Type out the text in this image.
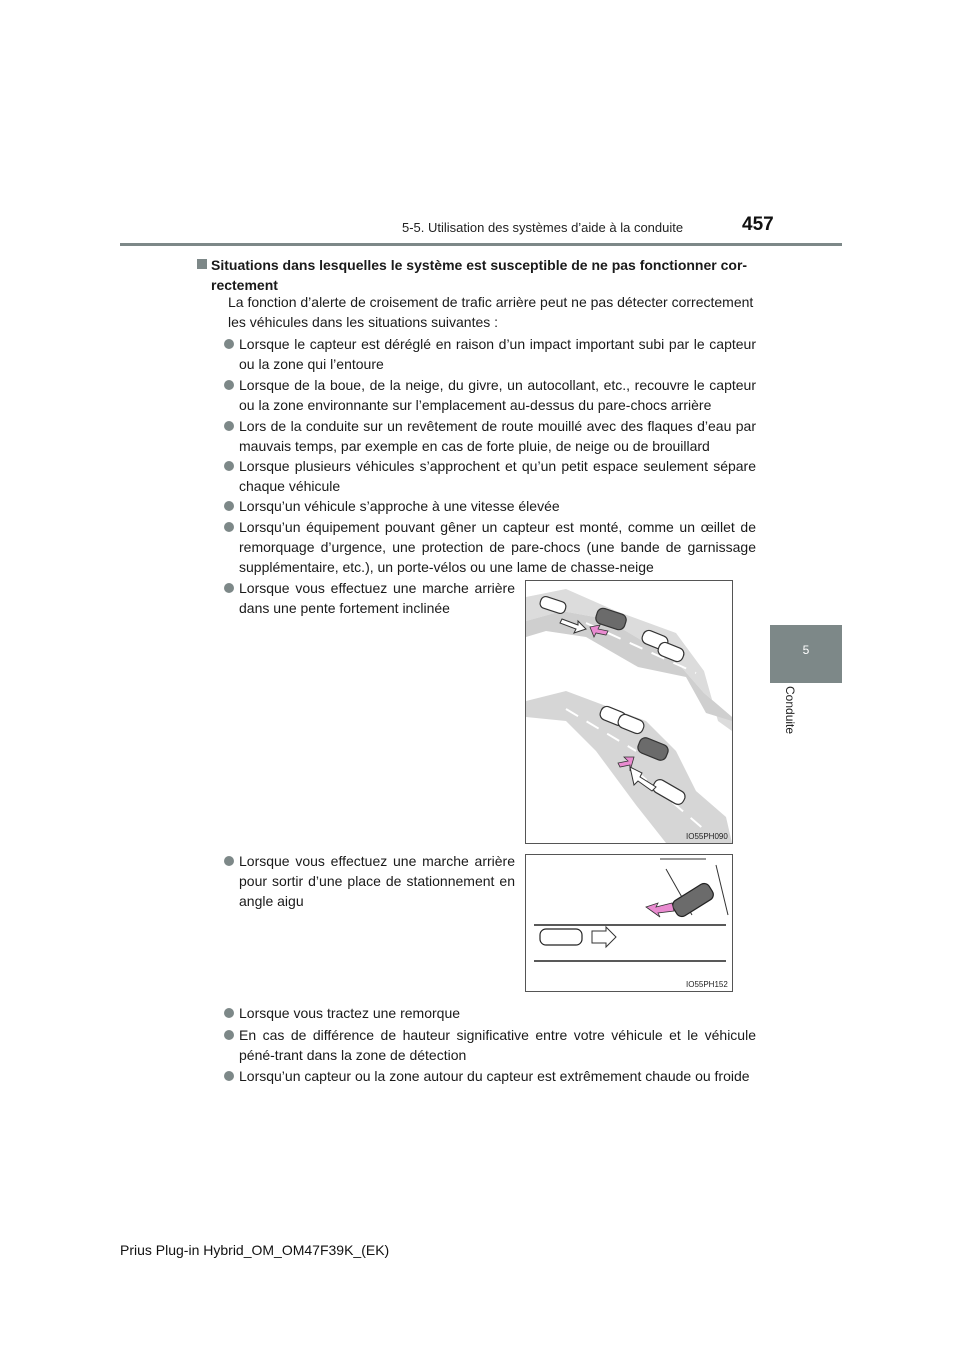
5-5. Utilisation des systèmes d’aide à la conduite	457
5
Conduite
Situations dans lesquelles le système est susceptible de ne pas fonctionner cor-
rectement
La fonction d’alerte de croisement de trafic arrière peut ne pas détecter correctement les véhicules dans les situations suivantes :
Lorsque le capteur est déréglé en raison d’un impact important subi par le capteur ou la zone qui l’entoure
Lorsque de la boue, de la neige, du givre, un autocollant, etc., recouvre le capteur ou la zone environnante sur l’emplacement au-dessus du pare-chocs arrière
Lors de la conduite sur un revêtement de route mouillé avec des flaques d’eau par mauvais temps, par exemple en cas de forte pluie, de neige ou de brouillard
Lorsque plusieurs véhicules s’approchent et qu’un petit espace seulement sépare chaque véhicule
Lorsqu’un véhicule s’approche à une vitesse élevée
Lorsqu’un équipement pouvant gêner un capteur est monté, comme un œillet de remorquage d’urgence, une protection de pare-chocs (une bande de garnissage supplémentaire, etc.), un porte-vélos ou une lame de chasse-neige
Lorsque vous effectuez une marche arrière dans une pente fortement inclinée
Lorsque vous effectuez une marche arrière pour sortir d’une place de stationnement en angle aigu
Lorsque vous tractez une remorque
En cas de différence de hauteur significative entre votre véhicule et le véhicule péné-trant dans la zone de détection
Lorsqu’un capteur ou la zone autour du capteur est extrêmement chaude ou froide
IO55PH090
IO55PH152
Prius Plug-in Hybrid_OM_OM47F39K_(EK)
